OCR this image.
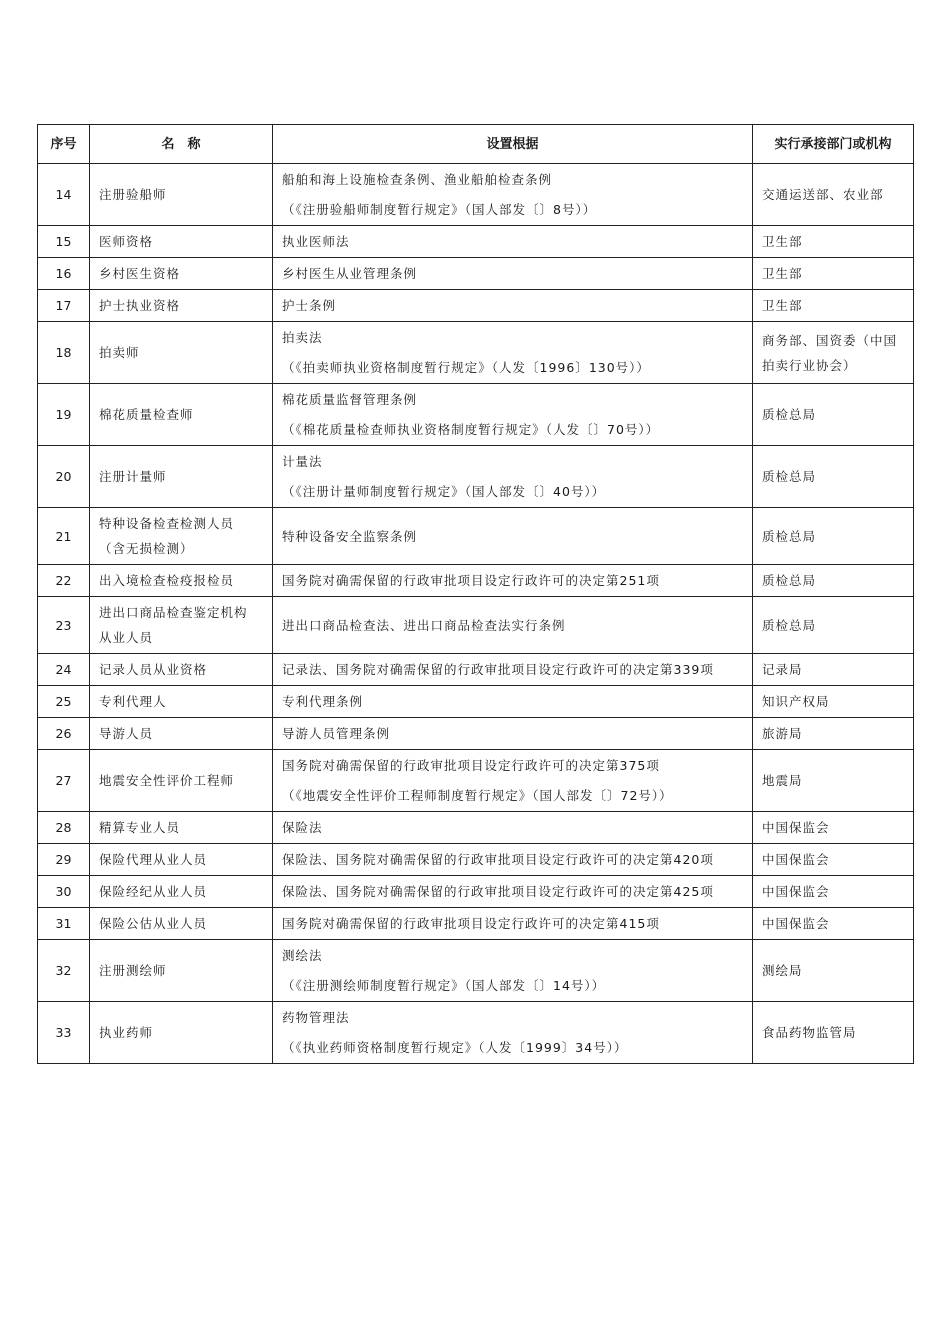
序号	名　称	设置根据	实行承接部门或机构
14	注册验船师	船舶和海上设施检查条例、渔业船舶检查条例
（《注册验船师制度暂行规定》（国人部发〔〕8号））	交通运送部、农业部

15	医师资格	执业医师法	卫生部

16	乡村医生资格	乡村医生从业管理条例	卫生部

17	护士执业资格	护士条例	卫生部

18	拍卖师	拍卖法
（《拍卖师执业资格制度暂行规定》（人发〔1996〕130号））	商务部、国资委（中国
拍卖行业协会）

19	棉花质量检查师	棉花质量监督管理条例
（《棉花质量检查师执业资格制度暂行规定》（人发〔〕70号））	质检总局

20	注册计量师	计量法
（《注册计量师制度暂行规定》（国人部发〔〕40号））	质检总局

21	特种设备检查检测人员
（含无损检测）	特种设备安全监察条例	质检总局

22	出入境检查检疫报检员	国务院对确需保留的行政审批项目设定行政许可的决定第251项	质检总局

23	进出口商品检查鉴定机构
从业人员	进出口商品检查法、进出口商品检查法实行条例	质检总局

24	记录人员从业资格	记录法、国务院对确需保留的行政审批项目设定行政许可的决定第339项	记录局

25	专利代理人	专利代理条例	知识产权局

26	导游人员	导游人员管理条例	旅游局

27	地震安全性评价工程师	国务院对确需保留的行政审批项目设定行政许可的决定第375项
（《地震安全性评价工程师制度暂行规定》（国人部发〔〕72号））	地震局

28	精算专业人员	保险法	中国保监会

29	保险代理从业人员	保险法、国务院对确需保留的行政审批项目设定行政许可的决定第420项	中国保监会

30	保险经纪从业人员	保险法、国务院对确需保留的行政审批项目设定行政许可的决定第425项	中国保监会

31	保险公估从业人员	国务院对确需保留的行政审批项目设定行政许可的决定第415项	中国保监会

32	注册测绘师	测绘法
（《注册测绘师制度暂行规定》（国人部发〔〕14号））	测绘局

33	执业药师	药物管理法
（《执业药师资格制度暂行规定》（人发〔1999〕34号））	食品药物监管局
